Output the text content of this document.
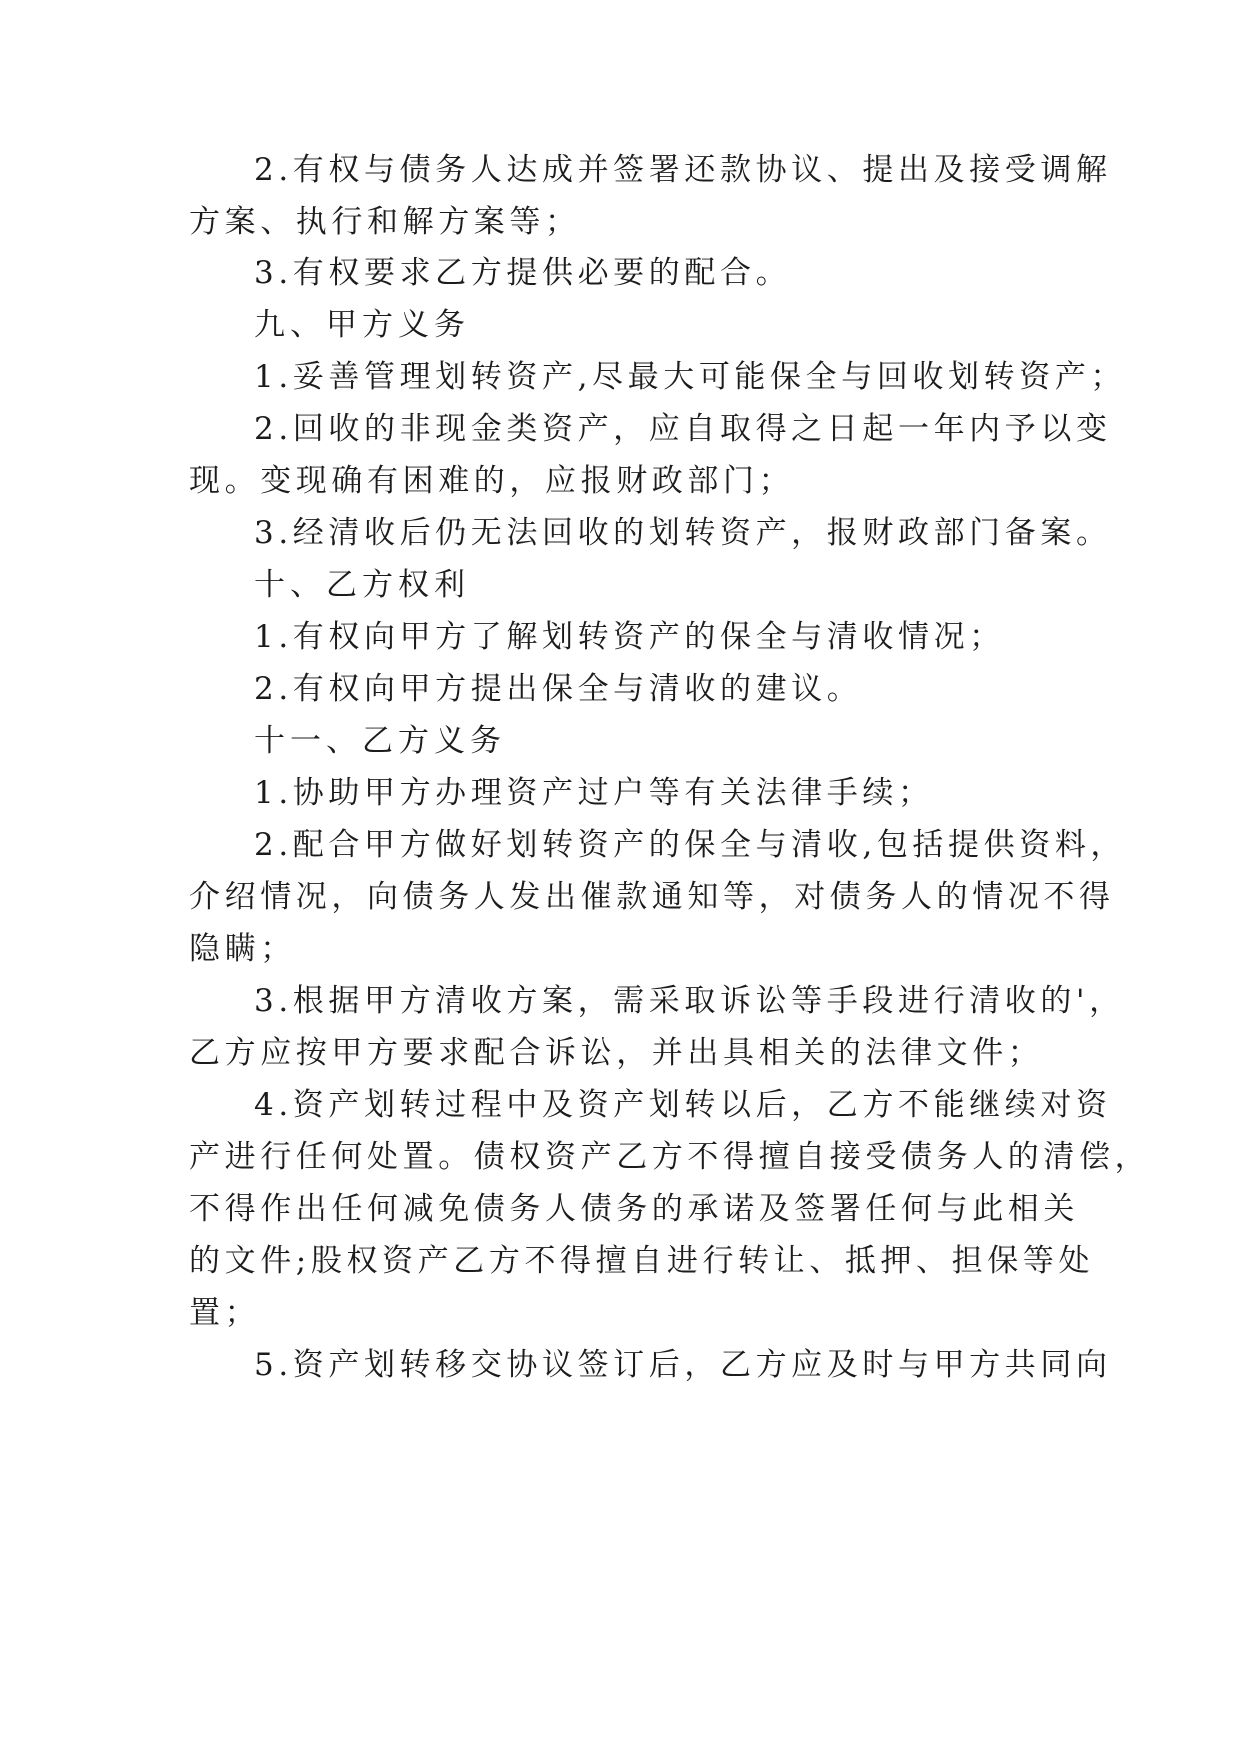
2.有权与债务人达成并签署还款协议、提出及接受调解

方案、执行和解方案等；

3.有权要求乙方提供必要的配合。

九、甲方义务

1.妥善管理划转资产,尽最大可能保全与回收划转资产；

2.回收的非现金类资产，应自取得之日起一年内予以变

现。变现确有困难的，应报财政部门；

3.经清收后仍无法回收的划转资产，报财政部门备案。

十、乙方权利

1.有权向甲方了解划转资产的保全与清收情况；

2.有权向甲方提出保全与清收的建议。

十一、乙方义务

1.协助甲方办理资产过户等有关法律手续；

2.配合甲方做好划转资产的保全与清收,包括提供资料，

介绍情况，向债务人发出催款通知等，对债务人的情况不得

隐瞒；

3.根据甲方清收方案，需采取诉讼等手段进行清收的'，

乙方应按甲方要求配合诉讼，并出具相关的法律文件；

4.资产划转过程中及资产划转以后，乙方不能继续对资

产进行任何处置。债权资产乙方不得擅自接受债务人的清偿，

不得作出任何减免债务人债务的承诺及签署任何与此相关

的文件;股权资产乙方不得擅自进行转让、抵押、担保等处

置；

5.资产划转移交协议签订后，乙方应及时与甲方共同向
